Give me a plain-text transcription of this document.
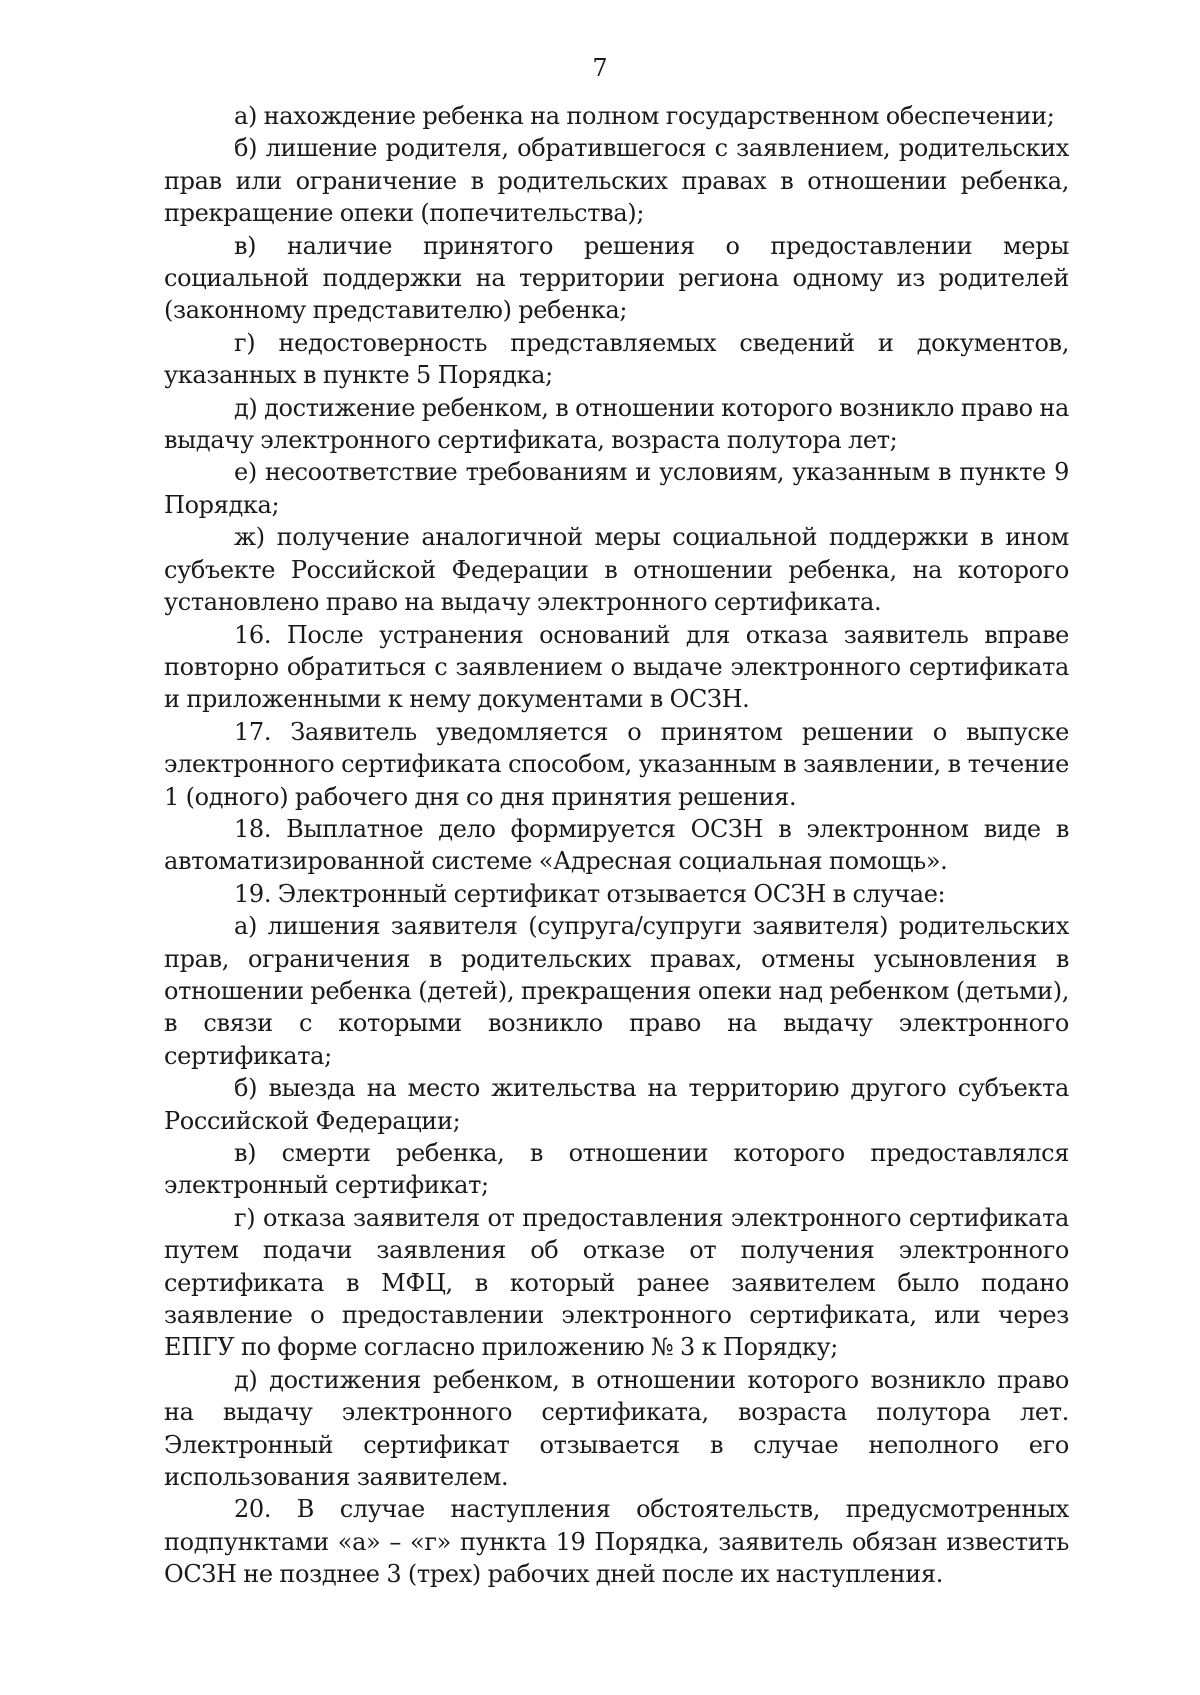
7

а) нахождение ребенка на полном государственном обеспечении;

б) лишение родителя, обратившегося с заявлением, родительских прав или ограничение в родительских правах в отношении ребенка, прекращение опеки (попечительства);

в) наличие принятого решения о предоставлении меры социальной поддержки на территории региона одному из родителей (законному представителю) ребенка;

г) недостоверность представляемых сведений и документов, указанных в пункте 5 Порядка;

д) достижение ребенком, в отношении которого возникло право на выдачу электронного сертификата, возраста полутора лет;

е) несоответствие требованиям и условиям, указанным в пункте 9 Порядка;

ж) получение аналогичной меры социальной поддержки в ином субъекте Российской Федерации в отношении ребенка, на которого установлено право на выдачу электронного сертификата.

16. После устранения оснований для отказа заявитель вправе повторно обратиться с заявлением о выдаче электронного сертификата и приложенными к нему документами в ОСЗН.

17. Заявитель уведомляется о принятом решении о выпуске электронного сертификата способом, указанным в заявлении, в течение 1 (одного) рабочего дня со дня принятия решения.

18. Выплатное дело формируется ОСЗН в электронном виде в автоматизированной системе «Адресная социальная помощь».

19. Электронный сертификат отзывается ОСЗН в случае:

а) лишения заявителя (супруга/супруги заявителя) родительских прав, ограничения в родительских правах, отмены усыновления в отношении ребенка (детей), прекращения опеки над ребенком (детьми), в связи с которыми возникло право на выдачу электронного сертификата;

б) выезда на место жительства на территорию другого субъекта Российской Федерации;

в) смерти ребенка, в отношении которого предоставлялся электронный сертификат;

г) отказа заявителя от предоставления электронного сертификата путем подачи заявления об отказе от получения электронного сертификата в МФЦ, в который ранее заявителем было подано заявление о предоставлении электронного сертификата, или через ЕПГУ по форме согласно приложению № 3 к Порядку;

д) достижения ребенком, в отношении которого возникло право на выдачу электронного сертификата, возраста полутора лет. Электронный сертификат отзывается в случае неполного его использования заявителем.

20. В случае наступления обстоятельств, предусмотренных подпунктами «а» – «г» пункта 19 Порядка, заявитель обязан известить ОСЗН не позднее 3 (трех) рабочих дней после их наступления.
